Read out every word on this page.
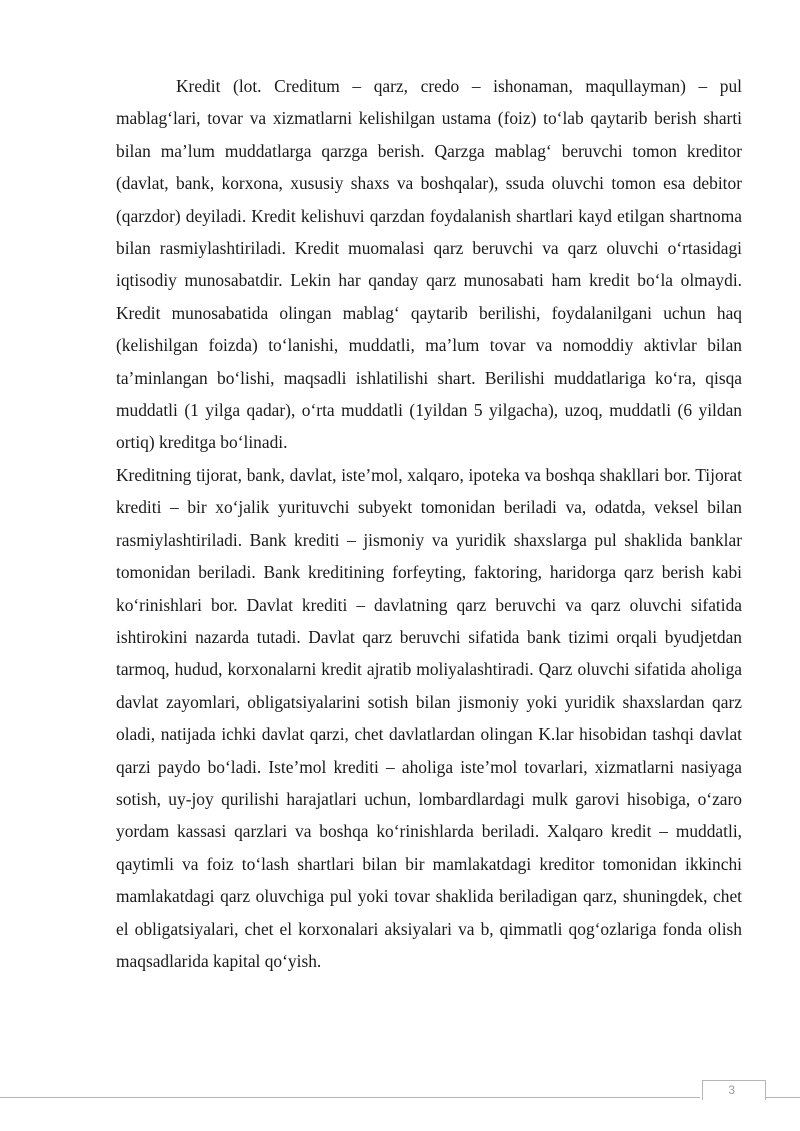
Kredit (lot. Creditum – qarz, credo – ishonaman, maqullayman) – pul mablag‘lari, tovar va xizmatlarni kelishilgan ustama (foiz) to‘lab qaytarib berish sharti bilan ma’lum muddatlarga qarzga berish. Qarzga mablag‘ beruvchi tomon kreditor (davlat, bank, korxona, xususiy shaxs va boshqalar), ssuda oluvchi tomon esa debitor (qarzdor) deyiladi. Kredit kelishuvi qarzdan foydalanish shartlari kayd etilgan shartnoma bilan rasmiylashtiriladi. Kredit muomalasi qarz beruvchi va qarz oluvchi o‘rtasidagi iqtisodiy munosabatdir. Lekin har qanday qarz munosabati ham kredit bo‘la olmaydi. Kredit munosabatida olingan mablag‘ qaytarib berilishi, foydalanilgani uchun haq (kelishilgan foizda) to‘lanishi, muddatli, ma’lum tovar va nomoddiy aktivlar bilan ta’minlangan bo‘lishi, maqsadli ishlatilishi shart. Berilishi muddatlariga ko‘ra, qisqa muddatli (1 yilga qadar), o‘rta muddatli (1yildan 5 yilgacha), uzoq, muddatli (6 yildan ortiq) kreditga bo‘linadi.

Kreditning tijorat, bank, davlat, iste’mol, xalqaro, ipoteka va boshqa shakllari bor. Tijorat krediti – bir xo‘jalik yurituvchi subyekt tomonidan beriladi va, odatda, veksel bilan rasmiylashtiriladi. Bank krediti – jismoniy va yuridik shaxslarga pul shaklida banklar tomonidan beriladi. Bank kreditining forfeyting, faktoring, haridorga qarz berish kabi ko‘rinishlari bor. Davlat krediti – davlatning qarz beruvchi va qarz oluvchi sifatida ishtirokini nazarda tutadi. Davlat qarz beruvchi sifatida bank tizimi orqali byudjetdan tarmoq, hudud, korxonalarni kredit ajratib moliyalashtiradi. Qarz oluvchi sifatida aholiga davlat zayomlari, obligatsiyalarini sotish bilan jismoniy yoki yuridik shaxslardan qarz oladi, natijada ichki davlat qarzi, chet davlatlardan olingan K.lar hisobidan tashqi davlat qarzi paydo bo‘ladi. Iste’mol krediti – aholiga iste’mol tovarlari, xizmatlarni nasiyaga sotish, uy-joy qurilishi harajatlari uchun, lombardlardagi mulk garovi hisobiga, o‘zaro yordam kassasi qarzlari va boshqa ko‘rinishlarda beriladi. Xalqaro kredit – muddatli, qaytimli va foiz to‘lash shartlari bilan bir mamlakatdagi kreditor tomonidan ikkinchi mamlakatdagi qarz oluvchiga pul yoki tovar shaklida beriladigan qarz, shuningdek, chet el obligatsiyalari, chet el korxonalari aksiyalari va b, qimmatli qog‘ozlariga fonda olish maqsadlarida kapital qo‘yish.

3
